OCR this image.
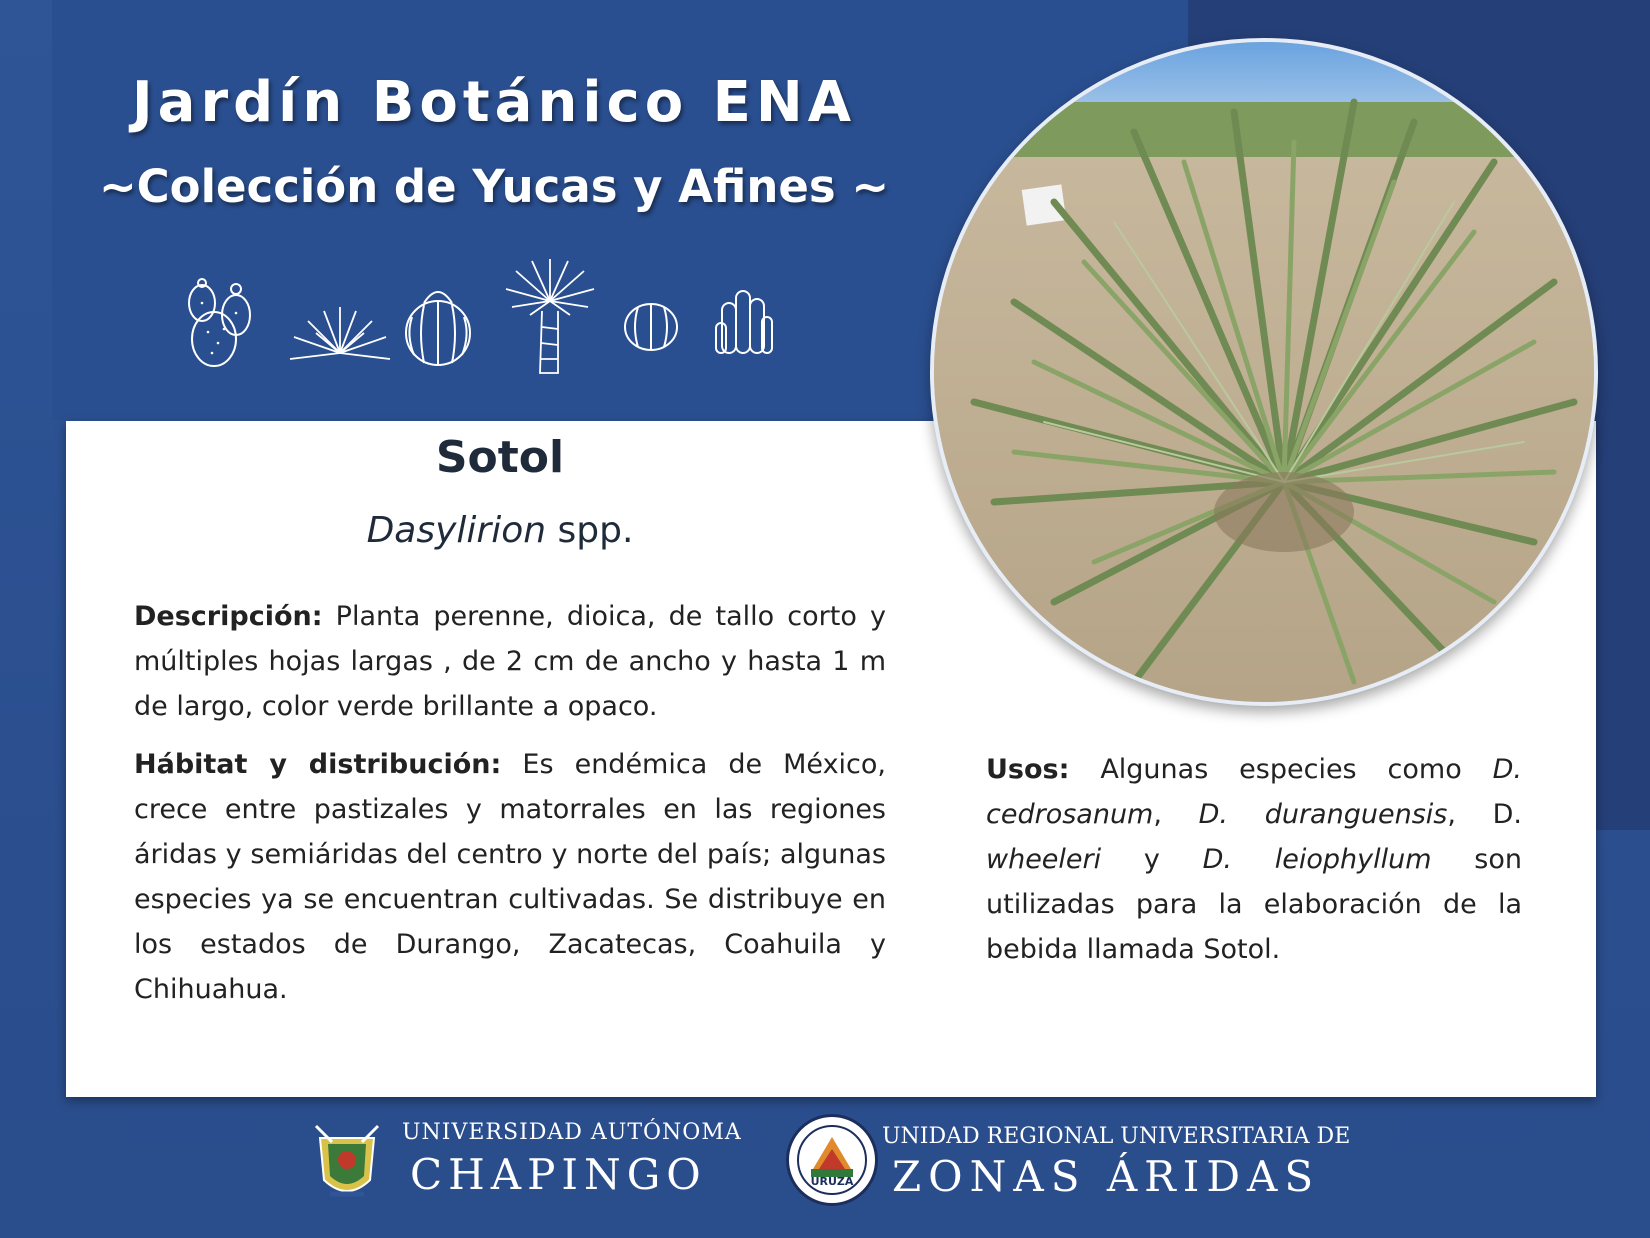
Jardín Botánico ENA
~Colección de Yucas y Afines ~
Sotol
Dasylirion spp.
Descripción: Planta perenne, dioica, de tallo corto y múltiples hojas largas , de 2 cm de ancho y hasta 1 m de largo, color verde brillante a opaco.
Hábitat y distribución: Es endémica de México, crece entre pastizales y matorrales en las regiones áridas y semiáridas del centro y norte del país; algunas especies ya se encuentran cultivadas. Se distribuye en los estados de Durango, Zacatecas, Coahuila y Chihuahua.
Usos: Algunas especies como D. cedrosanum, D. duranguensis, D. wheeleri y D. leiophyllum son utilizadas para la elaboración de la bebida llamada Sotol.
UNIVERSIDAD AUTÓNOMA
CHAPINGO	URUZA
UNIDAD REGIONAL UNIVERSITARIA DE
ZONAS ÁRIDAS
